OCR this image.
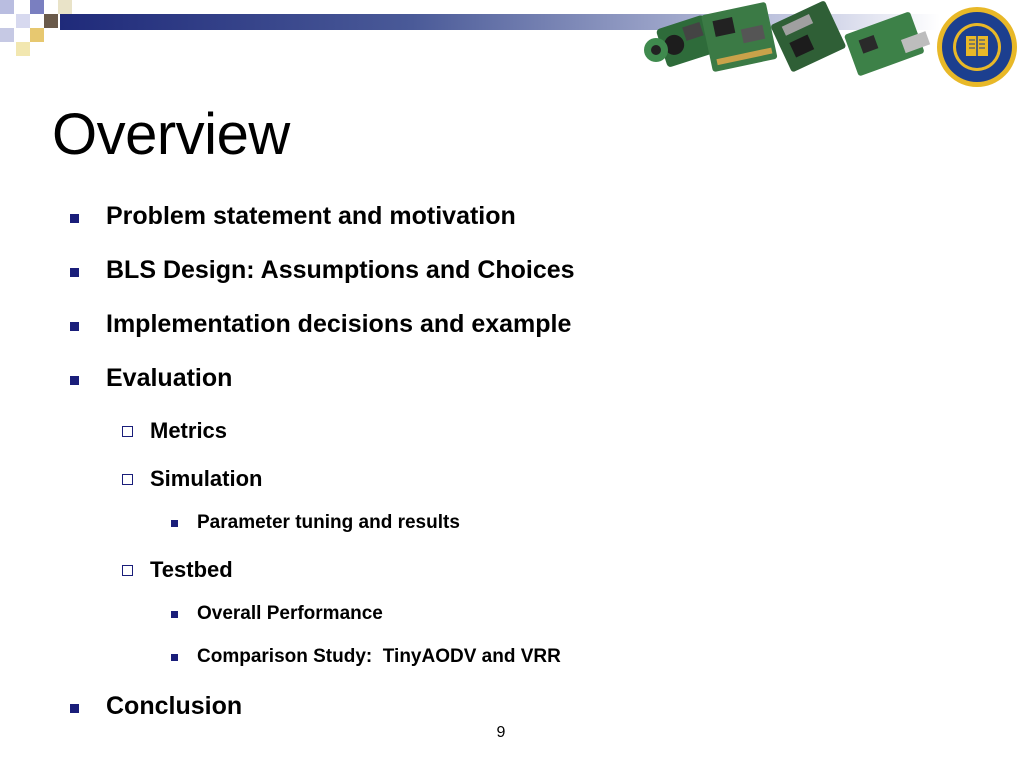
Overview
Problem statement and motivation
BLS Design: Assumptions and Choices
Implementation decisions and example
Evaluation
Metrics
Simulation
Parameter tuning and results
Testbed
Overall Performance
Comparison Study:  TinyAODV and VRR
Conclusion
9
